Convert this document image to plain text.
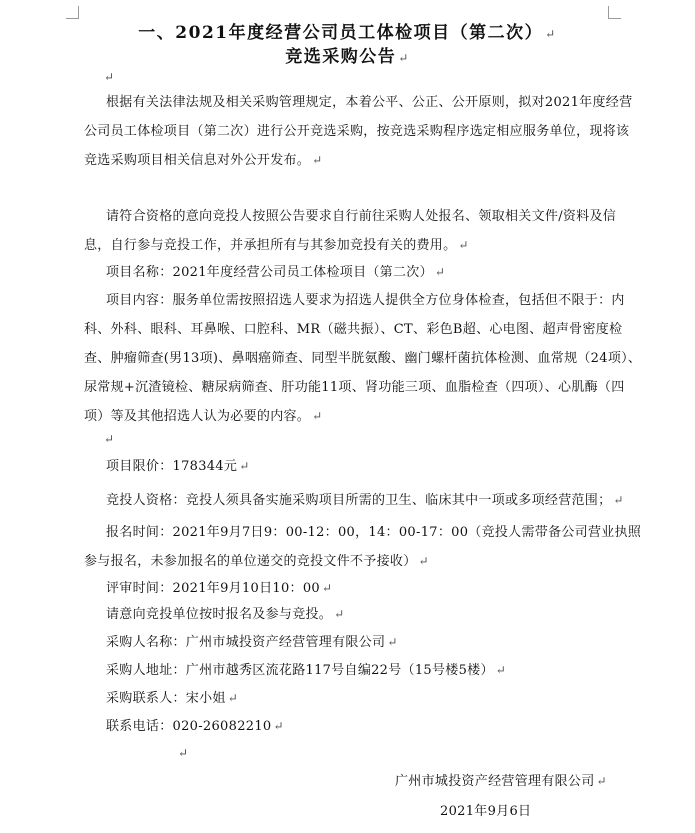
一、2021年度经营公司员工体检项目（第二次） ↵
竞选采购公告 ↵
↵
根据有关法律法规及相关采购管理规定，本着公平、公正、公开原则，拟对2021年度经营公司员工体检项目（第二次）进行公开竞选采购，按竞选采购程序选定相应服务单位，现将该竞选采购项目相关信息对外公开发布。 ↵
请符合资格的意向竞投人按照公告要求自行前往采购人处报名、领取相关文件/资料及信息，自行参与竞投工作，并承担所有与其参加竞投有关的费用。 ↵
项目名称：2021年度经营公司员工体检项目（第二次） ↵
项目内容：服务单位需按照招选人要求为招选人提供全方位身体检查，包括但不限于：内科、外科、眼科、耳鼻喉、口腔科、MR（磁共振）、CT、彩色B超、心电图、超声骨密度检查、肿瘤筛查(男13项)、鼻咽癌筛查、同型半胱氨酸、幽门螺杆菌抗体检测、血常规（24项）、尿常规+沉渣镜检、糖尿病筛查、肝功能11项、肾功能三项、血脂检查（四项）、心肌酶（四项）等及其他招选人认为必要的内容。 ↵
↵
项目限价：178344元 ↵
竞投人资格：竞投人须具备实施采购项目所需的卫生、临床其中一项或多项经营范围； ↵
报名时间：2021年9月7日9：00-12：00，14：00-17：00（竞投人需带备公司营业执照参与报名，未参加报名的单位递交的竞投文件不予接收） ↵
评审时间：2021年9月10日10：00 ↵
请意向竞投单位按时报名及参与竞投。 ↵
采购人名称：广州市城投资产经营管理有限公司 ↵
采购人地址：广州市越秀区流花路117号自编22号（15号楼5楼） ↵
采购联系人：宋小姐 ↵
联系电话：020-26082210 ↵
↵
广州市城投资产经营管理有限公司 ↵
2021年9月6日
